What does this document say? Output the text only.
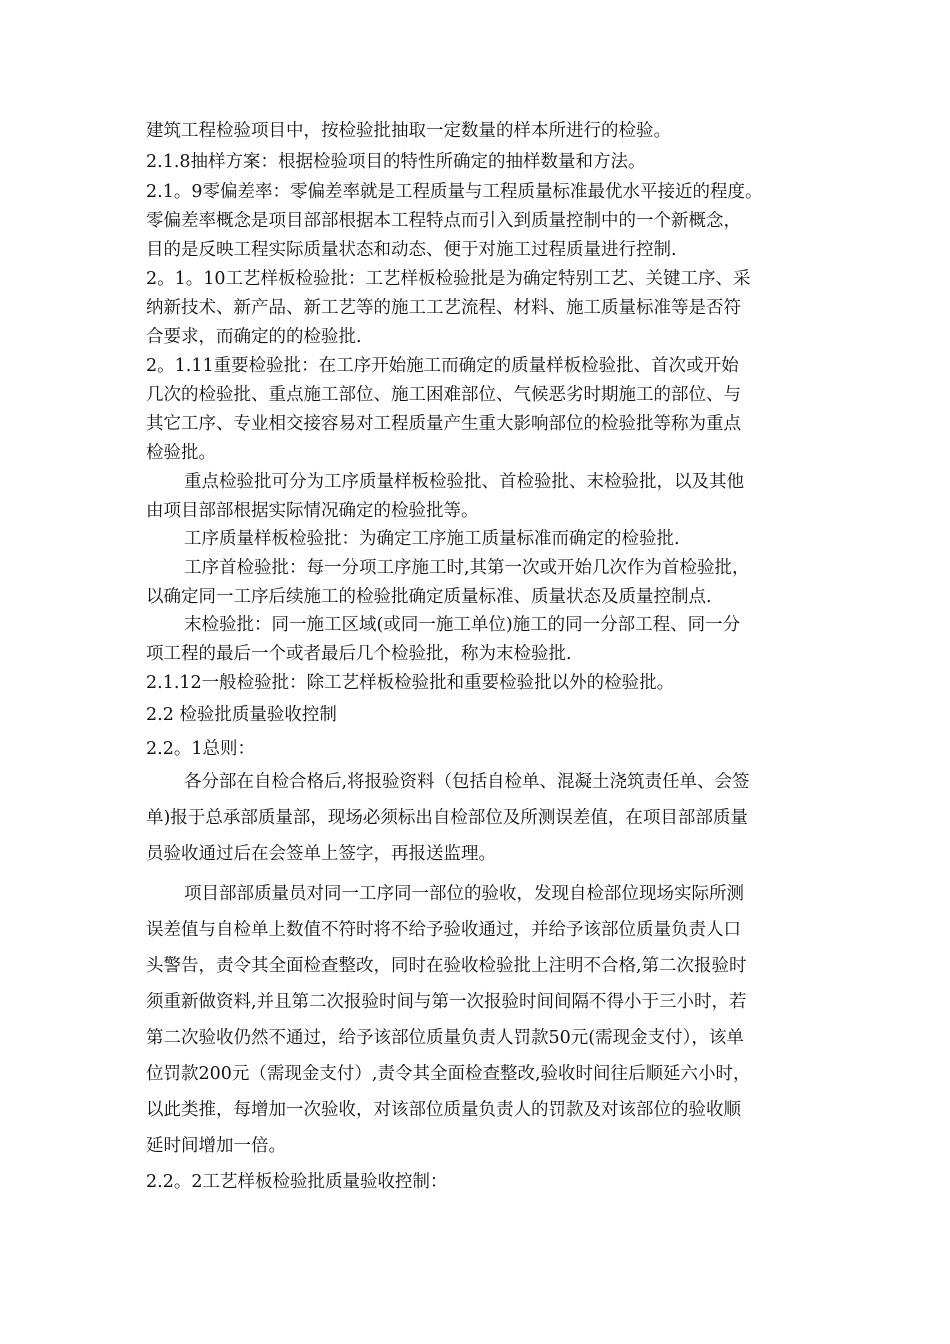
建筑工程检验项目中，按检验批抽取一定数量的样本所进行的检验。
2.1.8抽样方案：根据检验项目的特性所确定的抽样数量和方法。
2.1。9零偏差率：零偏差率就是工程质量与工程质量标准最优水平接近的程度。
零偏差率概念是项目部部根据本工程特点而引入到质量控制中的一个新概念，
目的是反映工程实际质量状态和动态、便于对施工过程质量进行控制.
2。1。10工艺样板检验批：工艺样板检验批是为确定特别工艺、关键工序、采
纳新技术、新产品、新工艺等的施工工艺流程、材料、施工质量标准等是否符
合要求，而确定的的检验批.
2。1.11重要检验批：在工序开始施工而确定的质量样板检验批、首次或开始
几次的检验批、重点施工部位、施工困难部位、气候恶劣时期施工的部位、与
其它工序、专业相交接容易对工程质量产生重大影响部位的检验批等称为重点
检验批。
重点检验批可分为工序质量样板检验批、首检验批、末检验批，以及其他
由项目部部根据实际情况确定的检验批等。
工序质量样板检验批：为确定工序施工质量标准而确定的检验批.
工序首检验批：每一分项工序施工时,其第一次或开始几次作为首检验批，
以确定同一工序后续施工的检验批确定质量标准、质量状态及质量控制点.
末检验批：同一施工区域(或同一施工单位)施工的同一分部工程、同一分
项工程的最后一个或者最后几个检验批，称为末检验批.
2.1.12一般检验批：除工艺样板检验批和重要检验批以外的检验批。
2.2 检验批质量验收控制
2.2。1总则：
各分部在自检合格后,将报验资料（包括自检单、混凝土浇筑责任单、会签
单)报于总承部质量部，现场必须标出自检部位及所测误差值，在项目部部质量
员验收通过后在会签单上签字，再报送监理。
项目部部质量员对同一工序同一部位的验收，发现自检部位现场实际所测
误差值与自检单上数值不符时将不给予验收通过，并给予该部位质量负责人口
头警告，责令其全面检查整改，同时在验收检验批上注明不合格,第二次报验时
须重新做资料,并且第二次报验时间与第一次报验时间间隔不得小于三小时，若
第二次验收仍然不通过，给予该部位质量负责人罚款50元(需现金支付），该单
位罚款200元（需现金支付）,责令其全面检查整改,验收时间往后顺延六小时，
以此类推，每增加一次验收，对该部位质量负责人的罚款及对该部位的验收顺
延时间增加一倍。
2.2。2工艺样板检验批质量验收控制：
